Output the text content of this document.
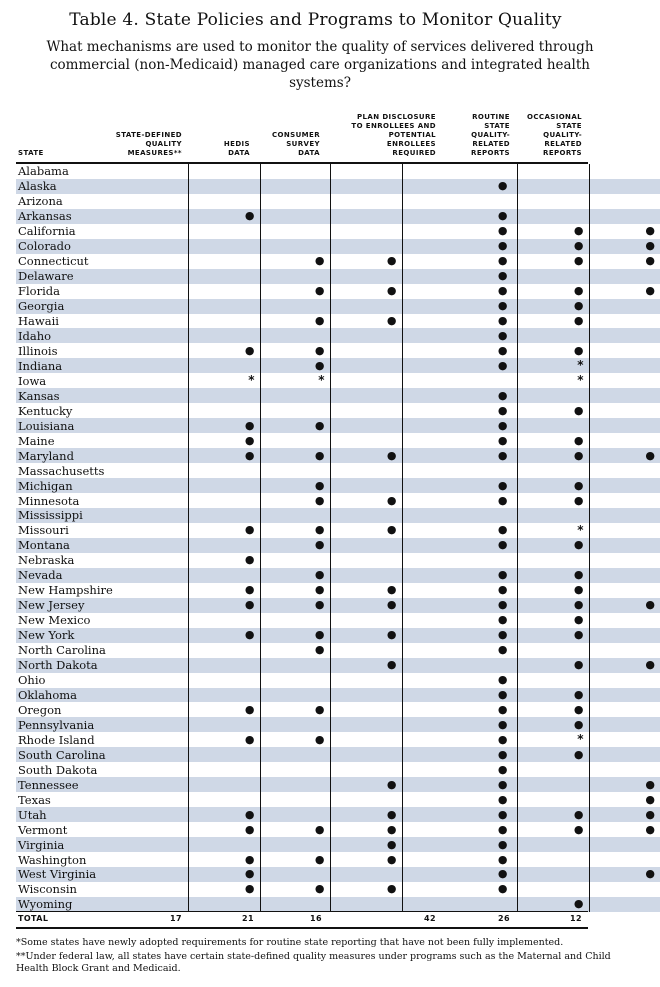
Table 4. State Policies and Programs to Monitor Quality
What mechanisms are used to monitor the quality of services delivered through commercial (non-Medicaid) managed care organizations and integrated health systems?
STATE
STATE-DEFINED QUALITY MEASURES**
HEDIS DATA
CONSUMER SURVEY DATA
PLAN DISCLOSURE TO ENROLLEES AND POTENTIAL ENROLLEES REQUIRED
ROUTINE STATE QUALITY-RELATED REPORTS
OCCASIONAL STATE QUALITY-RELATED REPORTS
Alabama						
Alaska				●		
Arizona						
Arkansas	●			●		
California				●	●	●
Colorado				●	●	●
Connecticut		●	●	●	●	●
Delaware				●		
Florida		●	●	●	●	●
Georgia				●	●	
Hawaii		●	●	●	●	
Idaho				●		
Illinois	●	●		●	●	
Indiana		●		●	*	
Iowa	*	*			*	
Kansas				●		
Kentucky				●	●	
Louisiana	●	●		●		
Maine	●			●	●	
Maryland	●	●	●	●	●	●
Massachusetts						
Michigan		●		●	●	
Minnesota		●	●	●	●	
Mississippi						
Missouri	●	●	●	●	*	
Montana		●		●	●	
Nebraska	●					
Nevada		●		●	●	
New Hampshire	●	●	●	●	●	
New Jersey	●	●	●	●	●	●
New Mexico				●	●	
New York	●	●	●	●	●	
North Carolina		●		●		
North Dakota			●		●	●
Ohio				●		
Oklahoma				●	●	
Oregon	●	●		●	●	
Pennsylvania				●	●	
Rhode Island	●	●		●	*	
South Carolina				●	●	
South Dakota				●		
Tennessee			●	●		●
Texas				●		●
Utah	●		●	●	●	●
Vermont	●	●	●	●	●	●
Virginia			●	●		
Washington	●	●	●	●		
West Virginia	●			●		●
Wisconsin	●	●	●	●		
Wyoming					●	
TOTAL	17	21	16	42	26	12
*Some states have newly adopted requirements for routine state reporting that have not been fully implemented.
**Under federal law, all states have certain state-defined quality measures under programs such as the Maternal and Child Health Block Grant and Medicaid.
